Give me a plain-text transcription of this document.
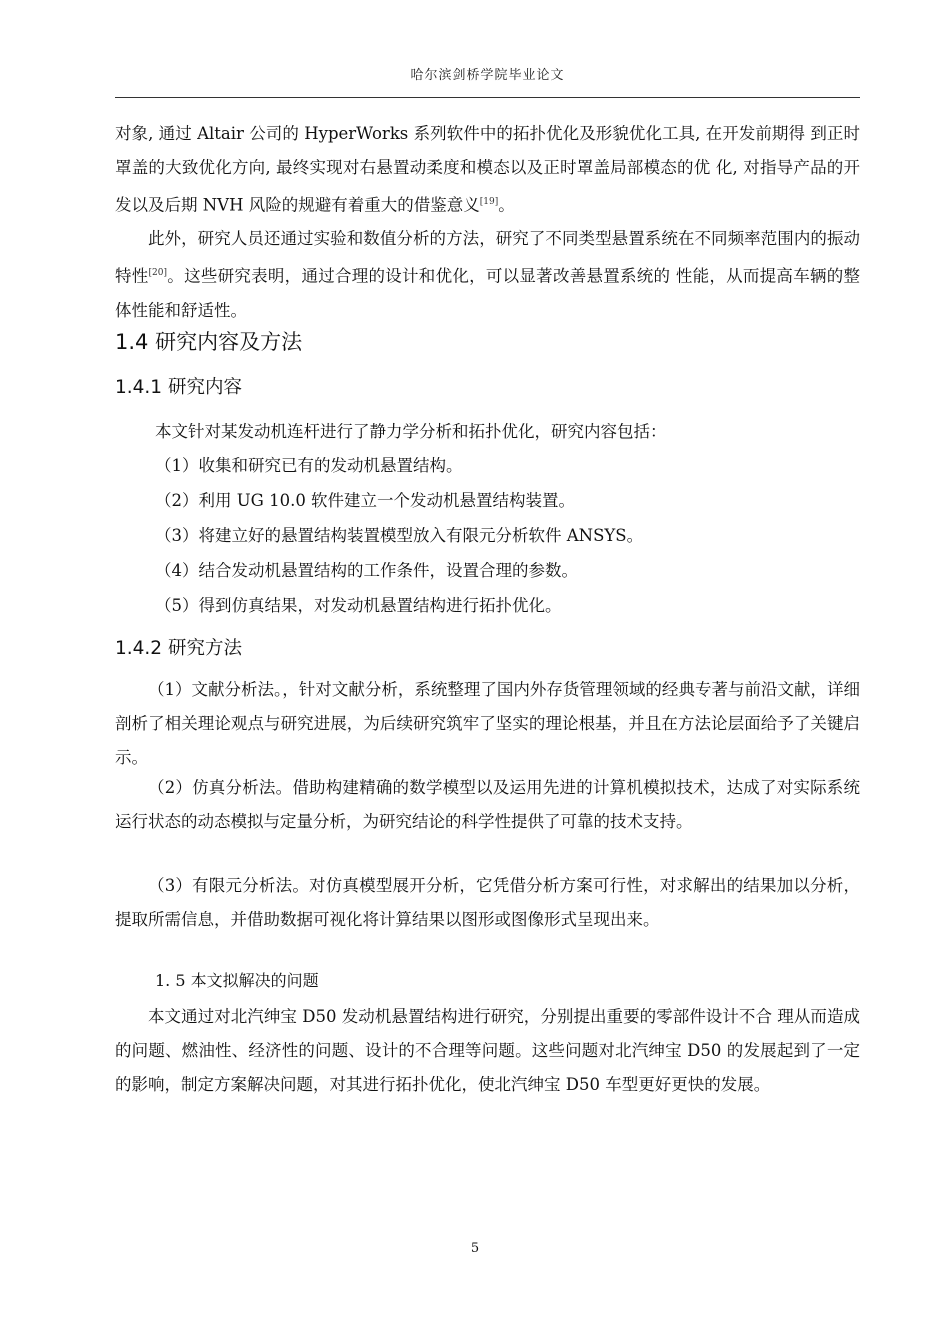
哈尔滨剑桥学院毕业论文
对象, 通过 Altair 公司的 HyperWorks 系列软件中的拓扑优化及形貌优化工具, 在开发前期得 到正时罩盖的大致优化方向, 最终实现对右悬置动柔度和模态以及正时罩盖局部模态的优 化, 对指导产品的开发以及后期 NVH 风险的规避有着重大的借鉴意义[19]。
此外，研究人员还通过实验和数值分析的方法，研究了不同类型悬置系统在不同频率范围内的振动特性[20]。这些研究表明，通过合理的设计和优化，可以显著改善悬置系统的 性能，从而提高车辆的整体性能和舒适性。
1.4 研究内容及方法
1.4.1 研究内容
本文针对某发动机连杆进行了静力学分析和拓扑优化，研究内容包括：
（1）收集和研究已有的发动机悬置结构。
（2）利用 UG 10.0 软件建立一个发动机悬置结构装置。
（3）将建立好的悬置结构装置模型放入有限元分析软件 ANSYS。
（4）结合发动机悬置结构的工作条件，设置合理的参数。
（5）得到仿真结果，对发动机悬置结构进行拓扑优化。
1.4.2 研究方法
（1）文献分析法。，针对文献分析，系统整理了国内外存货管理领域的经典专著与前沿文献，详细剖析了相关理论观点与研究进展，为后续研究筑牢了坚实的理论根基，并且在方法论层面给予了关键启示。
（2）仿真分析法。借助构建精确的数学模型以及运用先进的计算机模拟技术，达成了对实际系统运行状态的动态模拟与定量分析，为研究结论的科学性提供了可靠的技术支持。
（3）有限元分析法。对仿真模型展开分析，它凭借分析方案可行性，对求解出的结果加以分析，提取所需信息，并借助数据可视化将计算结果以图形或图像形式呈现出来。
1. 5 本文拟解决的问题
本文通过对北汽绅宝 D50 发动机悬置结构进行研究，分别提出重要的零部件设计不合 理从而造成的问题、燃油性、经济性的问题、设计的不合理等问题。这些问题对北汽绅宝 D50 的发展起到了一定的影响，制定方案解决问题，对其进行拓扑优化，使北汽绅宝 D50 车型更好更快的发展。
5
